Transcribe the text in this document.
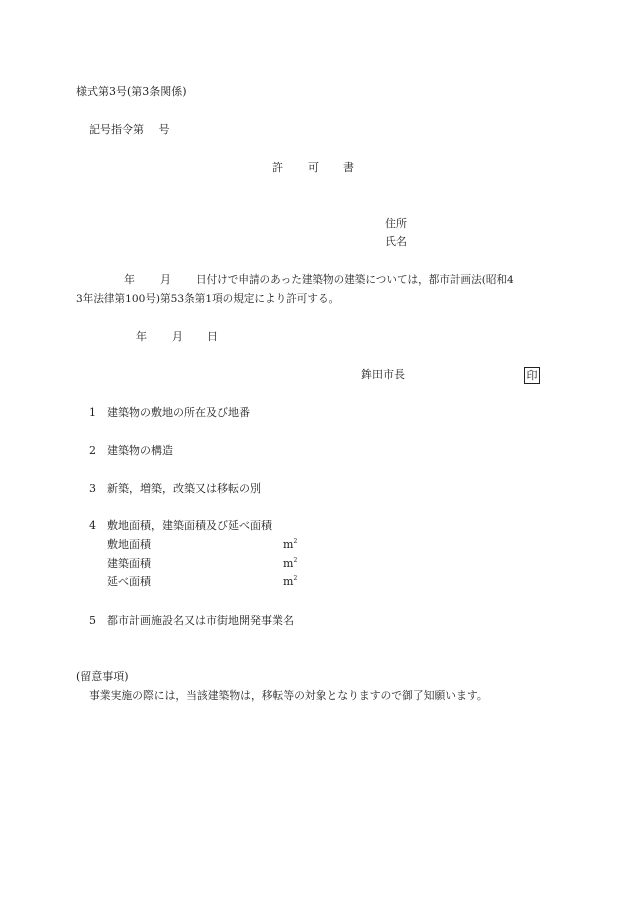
様式第3号(第3条関係)
記号指令第　 号
許 可 書
住所
氏名
年 月 日付けで申請のあった建築物の建築については，都市計画法(昭和4
3年法律第100号)第53条第1項の規定により許可する。
年 月 日
鉾田市長	印
1 建築物の敷地の所在及び地番
2 建築物の構造
3 新築，増築，改築又は移転の別
4 敷地面積，建築面積及び延べ面積
敷地面積	$m^2$
建築面積	$m^2$
延べ面積	$m^2$
5 都市計画施設名又は市街地開発事業名
(留意事項)
事業実施の際には，当該建築物は，移転等の対象となりますので御了知願います。
